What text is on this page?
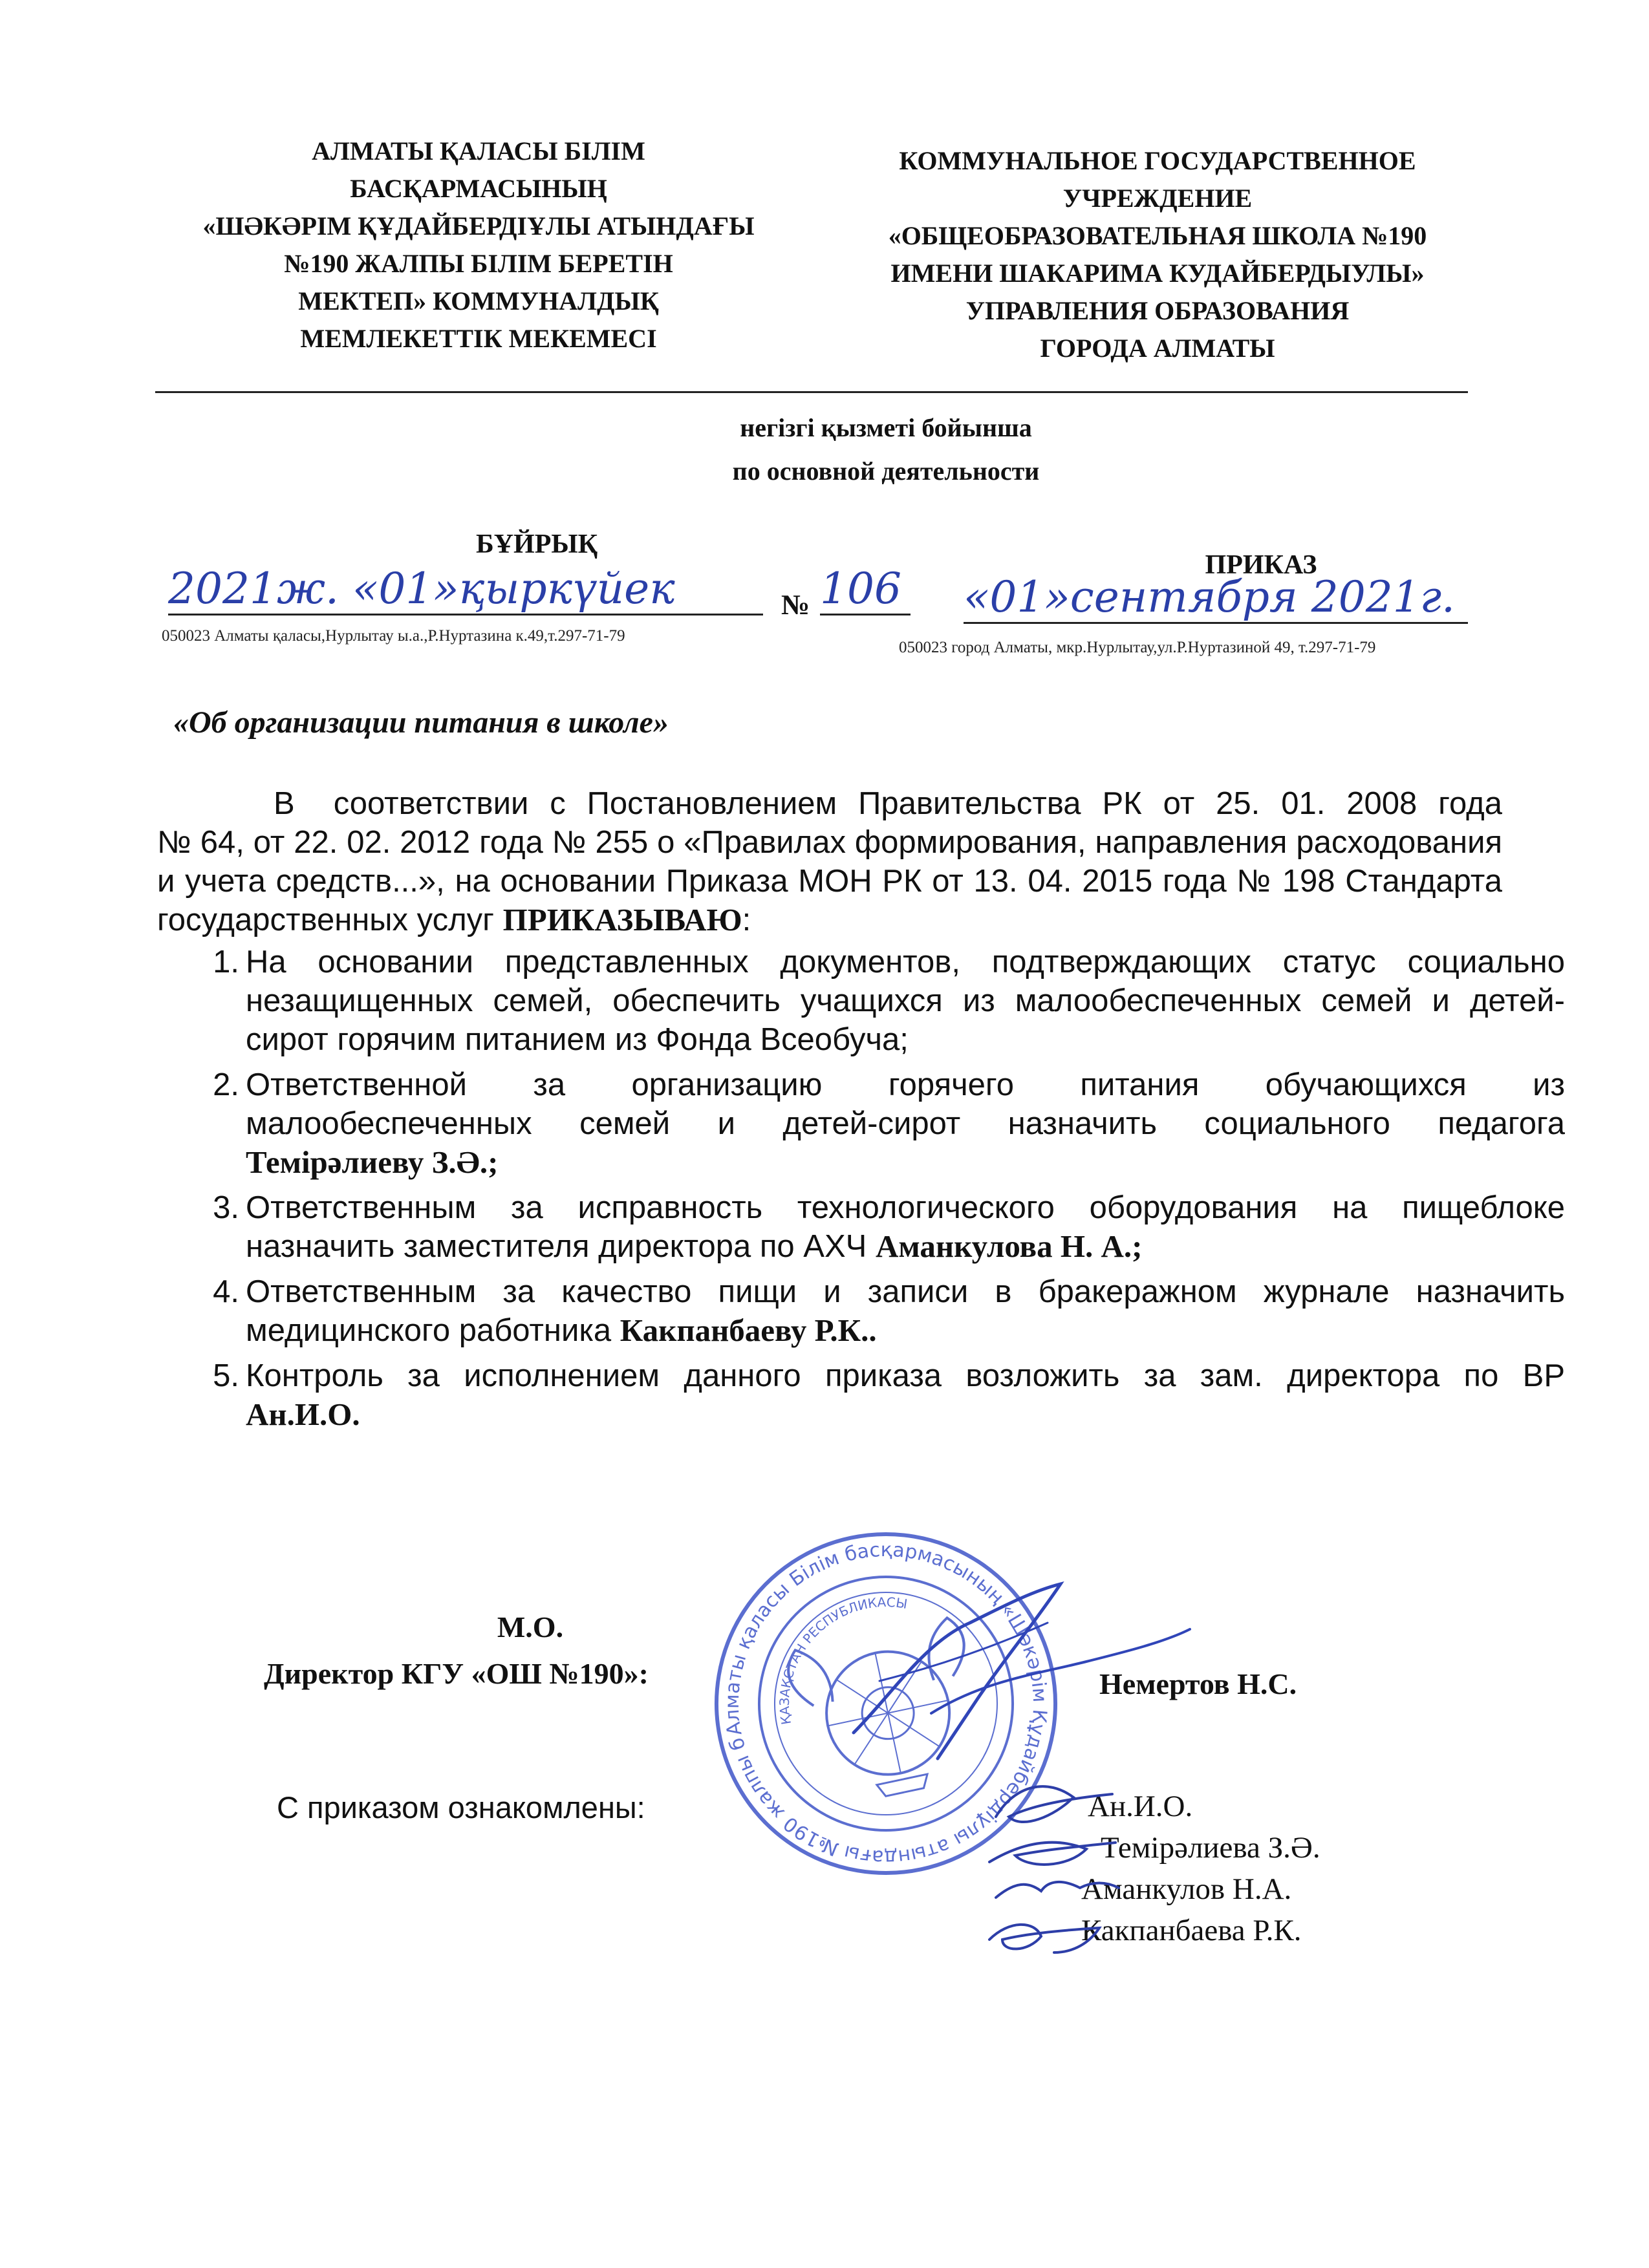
АЛМАТЫ ҚАЛАСЫ БІЛІМ
БАСҚАРМАСЫНЫҢ
«ШӘКӘРІМ ҚҰДАЙБЕРДІҰЛЫ АТЫНДАҒЫ
№190 ЖАЛПЫ БІЛІМ БЕРЕТІН
МЕКТЕП» КОММУНАЛДЫҚ
МЕМЛЕКЕТТІК МЕКЕМЕСІ
КОММУНАЛЬНОЕ ГОСУДАРСТВЕННОЕ
УЧРЕЖДЕНИЕ
«ОБЩЕОБРАЗОВАТЕЛЬНАЯ ШКОЛА №190
ИМЕНИ ШАКАРИМА КУДАЙБЕРДЫУЛЫ»
УПРАВЛЕНИЯ ОБРАЗОВАНИЯ
ГОРОДА АЛМАТЫ
негізгі қызметі бойынша
по основной деятельности
БҰЙРЫҚ
ПРИКАЗ
2021ж. «01»қыркүйек	№ 106 «01»сентября 2021г.
050023 Алматы қаласы,Нурлытау ы.а.,Р.Нуртазина к.49,т.297-71-79
050023 город Алматы, мкр.Нурлытау,ул.Р.Нуртазиной 49, т.297-71-79
«Об организации питания в школе»
В соответствии с Постановлением Правительства РК от 25. 01. 2008 года
№ 64, от 22. 02. 2012 года № 255 о «Правилах формирования, направления расходования
и учета средств...», на основании Приказа МОН РК от 13. 04. 2015 года № 198 Стандарта
государственных услуг ПРИКАЗЫВАЮ:
1. На основании представленных документов, подтверждающих статус социально
незащищенных семей, обеспечить учащихся из малообеспеченных семей и детей-
сирот горячим питанием из Фонда Всеобуча;
2. Ответственной за организацию горячего питания обучающихся из
малообеспеченных семей и детей-сирот назначить социального педагога
Темірәлиеву З.Ә.;
3. Ответственным за исправность технологического оборудования на пищеблоке
назначить заместителя директора по АХЧ Аманкулова Н. А.;
4. Ответственным за качество пищи и записи в бракеражном журнале назначить
медицинского работника Какпанбаеву Р.К..
5. Контроль за исполнением данного приказа возложить за зам. директора по ВР
Ан.И.О.
М.О.
Директор КГУ «ОШ №190»:	Немертов Н.С.
С приказом ознакомлены:	Ан.И.О.
Темірәлиева З.Ә.
Аманкулов Н.А.
Какпанбаева Р.К.
Алматы қаласы Білім басқармасының «Шәкәрім Құдайбердіұлы атындағы №190 жалпы білім
ҚАЗАҚСТАН РЕСПУБЛИКАСЫ
